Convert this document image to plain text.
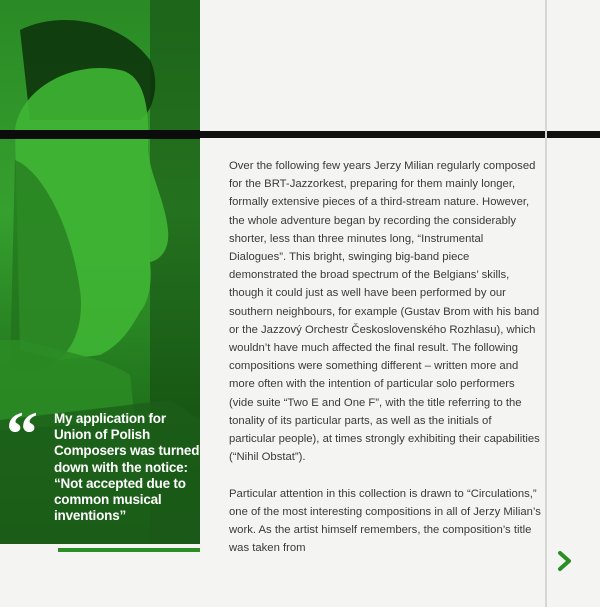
“ My application for Union of Polish Composers was turned down with the notice: “Not accepted due to common musical inventions”

Over the following few years Jerzy Milian regularly composed for the BRT-Jazzorkest, preparing for them mainly longer, formally extensive pieces of a third-stream nature. However, the whole adventure began by recording the considerably shorter, less than three minutes long, “Instrumental Dialogues”. This bright, swinging big-band piece demonstrated the broad spectrum of the Belgians’ skills, though it could just as well have been performed by our southern neighbours, for example (Gustav Brom with his band or the Jazzový Orchestr Československého Rozhlasu), which wouldn’t have much affected the final result. The following compositions were something different – written more and more often with the intention of particular solo performers (vide suite “Two E and One F”, with the title referring to the tonality of its particular parts, as well as the initials of particular people), at times strongly exhibiting their capabilities (“Nihil Obstat”).

Particular attention in this collection is drawn to “Circulations,” one of the most interesting compositions in all of Jerzy Milian’s work. As the artist himself remembers, the composition’s title was taken from
